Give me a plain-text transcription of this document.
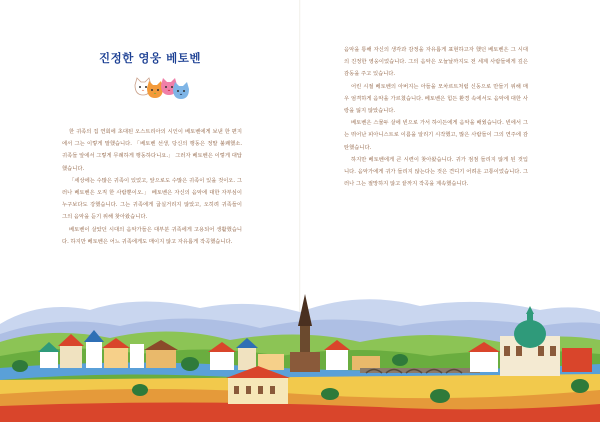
진정한 영웅 베토벤

한 귀족의 집 연회에 초대된 오스트리아의 시인이 베토벤에게 보낸 한 편지에서 그는 이렇게 말했습니다. 「베토벤 선생, 당신의 행동은 정말 불쾌했소. 귀족들 앞에서 그렇게 무례하게 행동하다니요.」 그러자 베토벤은 이렇게 대답했습니다.

「세상에는 수많은 귀족이 있었고, 앞으로도 수많은 귀족이 있을 것이오. 그러나 베토벤은 오직 한 사람뿐이오.」 베토벤은 자신의 음악에 대한 자부심이 누구보다도 강했습니다. 그는 귀족에게 굽실거리지 않았고, 오히려 귀족들이 그의 음악을 듣기 위해 찾아왔습니다.

베토벤이 살았던 시대의 음악가들은 대부분 귀족에게 고용되어 생활했습니다. 하지만 베토벤은 어느 귀족에게도 매이지 않고 자유롭게 작곡했습니다.

음악을 통해 자신의 생각과 감정을 자유롭게 표현하고자 했던 베토벤은 그 시대의 진정한 영웅이었습니다. 그의 음악은 오늘날까지도 전 세계 사람들에게 깊은 감동을 주고 있습니다.

어린 시절 베토벤의 아버지는 아들을 모차르트처럼 신동으로 만들기 위해 매우 엄격하게 음악을 가르쳤습니다. 베토벤은 힘든 환경 속에서도 음악에 대한 사랑을 잃지 않았습니다.

베토벤은 스물두 살에 빈으로 가서 하이든에게 음악을 배웠습니다. 빈에서 그는 뛰어난 피아니스트로 이름을 알리기 시작했고, 많은 사람들이 그의 연주에 감탄했습니다.

하지만 베토벤에게 큰 시련이 찾아왔습니다. 귀가 점점 들리지 않게 된 것입니다. 음악가에게 귀가 들리지 않는다는 것은 견디기 어려운 고통이었습니다. 그러나 그는 절망하지 않고 끝까지 작곡을 계속했습니다.
